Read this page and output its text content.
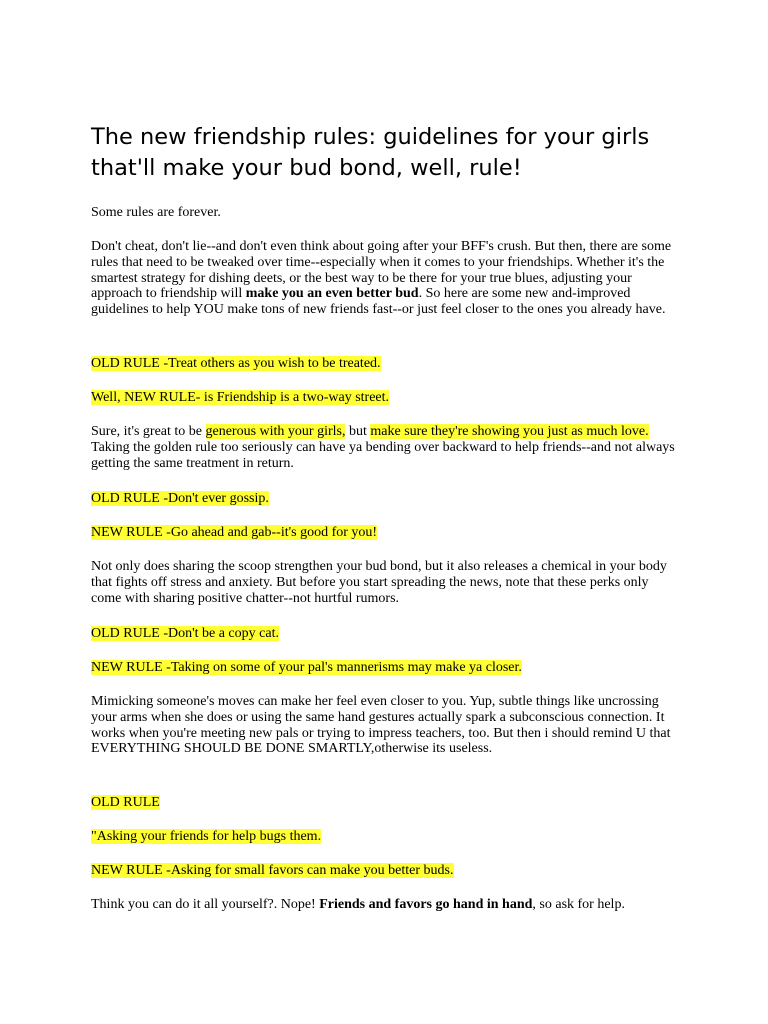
The new friendship rules: guidelines for your girls that'll make your bud bond, well, rule!

Some rules are forever.

Don't cheat, don't lie--and don't even think about going after your BFF's crush. But then, there are some rules that need to be tweaked over time--especially when it comes to your friendships. Whether it's the smartest strategy for dishing deets, or the best way to be there for your true blues, adjusting your approach to friendship will make you an even better bud. So here are some new and-improved guidelines to help YOU make tons of new friends fast--or just feel closer to the ones you already have.

OLD RULE -Treat others as you wish to be treated.

Well, NEW RULE- is Friendship is a two-way street.

Sure, it's great to be generous with your girls, but make sure they're showing you just as much love. Taking the golden rule too seriously can have ya bending over backward to help friends--and not always getting the same treatment in return.

OLD RULE -Don't ever gossip.

NEW RULE -Go ahead and gab--it's good for you!

Not only does sharing the scoop strengthen your bud bond, but it also releases a chemical in your body that fights off stress and anxiety. But before you start spreading the news, note that these perks only come with sharing positive chatter--not hurtful rumors.

OLD RULE -Don't be a copy cat.

NEW RULE -Taking on some of your pal's mannerisms may make ya closer.

Mimicking someone's moves can make her feel even closer to you. Yup, subtle things like uncrossing your arms when she does or using the same hand gestures actually spark a subconscious connection. It works when you're meeting new pals or trying to impress teachers, too. But then i should remind U that EVERYTHING SHOULD BE DONE SMARTLY,otherwise its useless.

OLD RULE

"Asking your friends for help bugs them.

NEW RULE -Asking for small favors can make you better buds.

Think you can do it all yourself?. Nope! Friends and favors go hand in hand, so ask for help.
